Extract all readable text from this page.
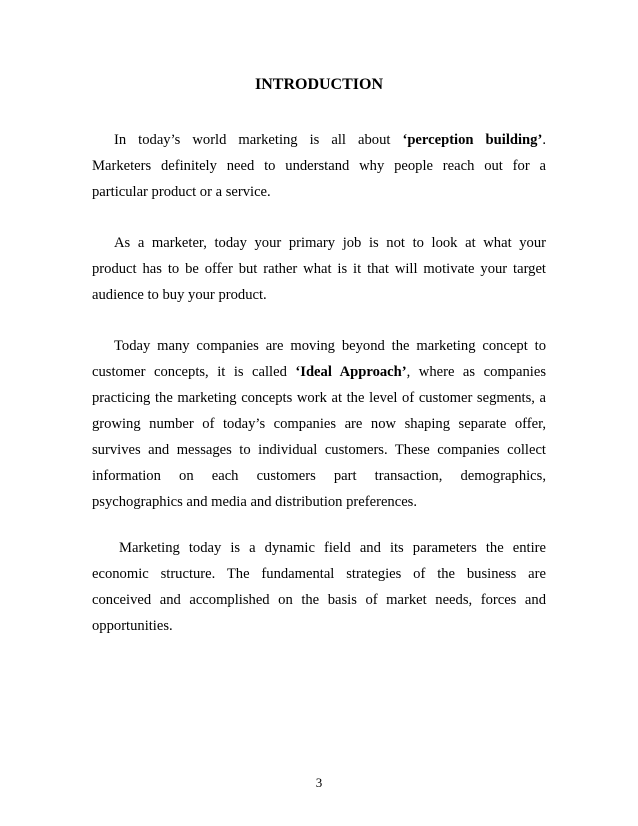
INTRODUCTION

In today’s world marketing is all about ‘perception building’.
Marketers definitely need to understand why people reach out for a
particular product or a service.

As a marketer, today your primary job is not to look at what your
product has to be offer but rather what is it that will motivate your target
audience to buy your product.

Today many companies are moving beyond the marketing concept to
customer concepts, it is called ‘Ideal Approach’, where as companies
practicing the marketing concepts work at the level of customer segments, a
growing number of today’s companies are now shaping separate offer,
survives and messages to individual customers. These companies collect
information on each customers part transaction, demographics,
psychographics and media and distribution preferences.

Marketing today is a dynamic field and its parameters the entire
economic structure. The fundamental strategies of the business are
conceived and accomplished on the basis of market needs, forces and
opportunities.

3
